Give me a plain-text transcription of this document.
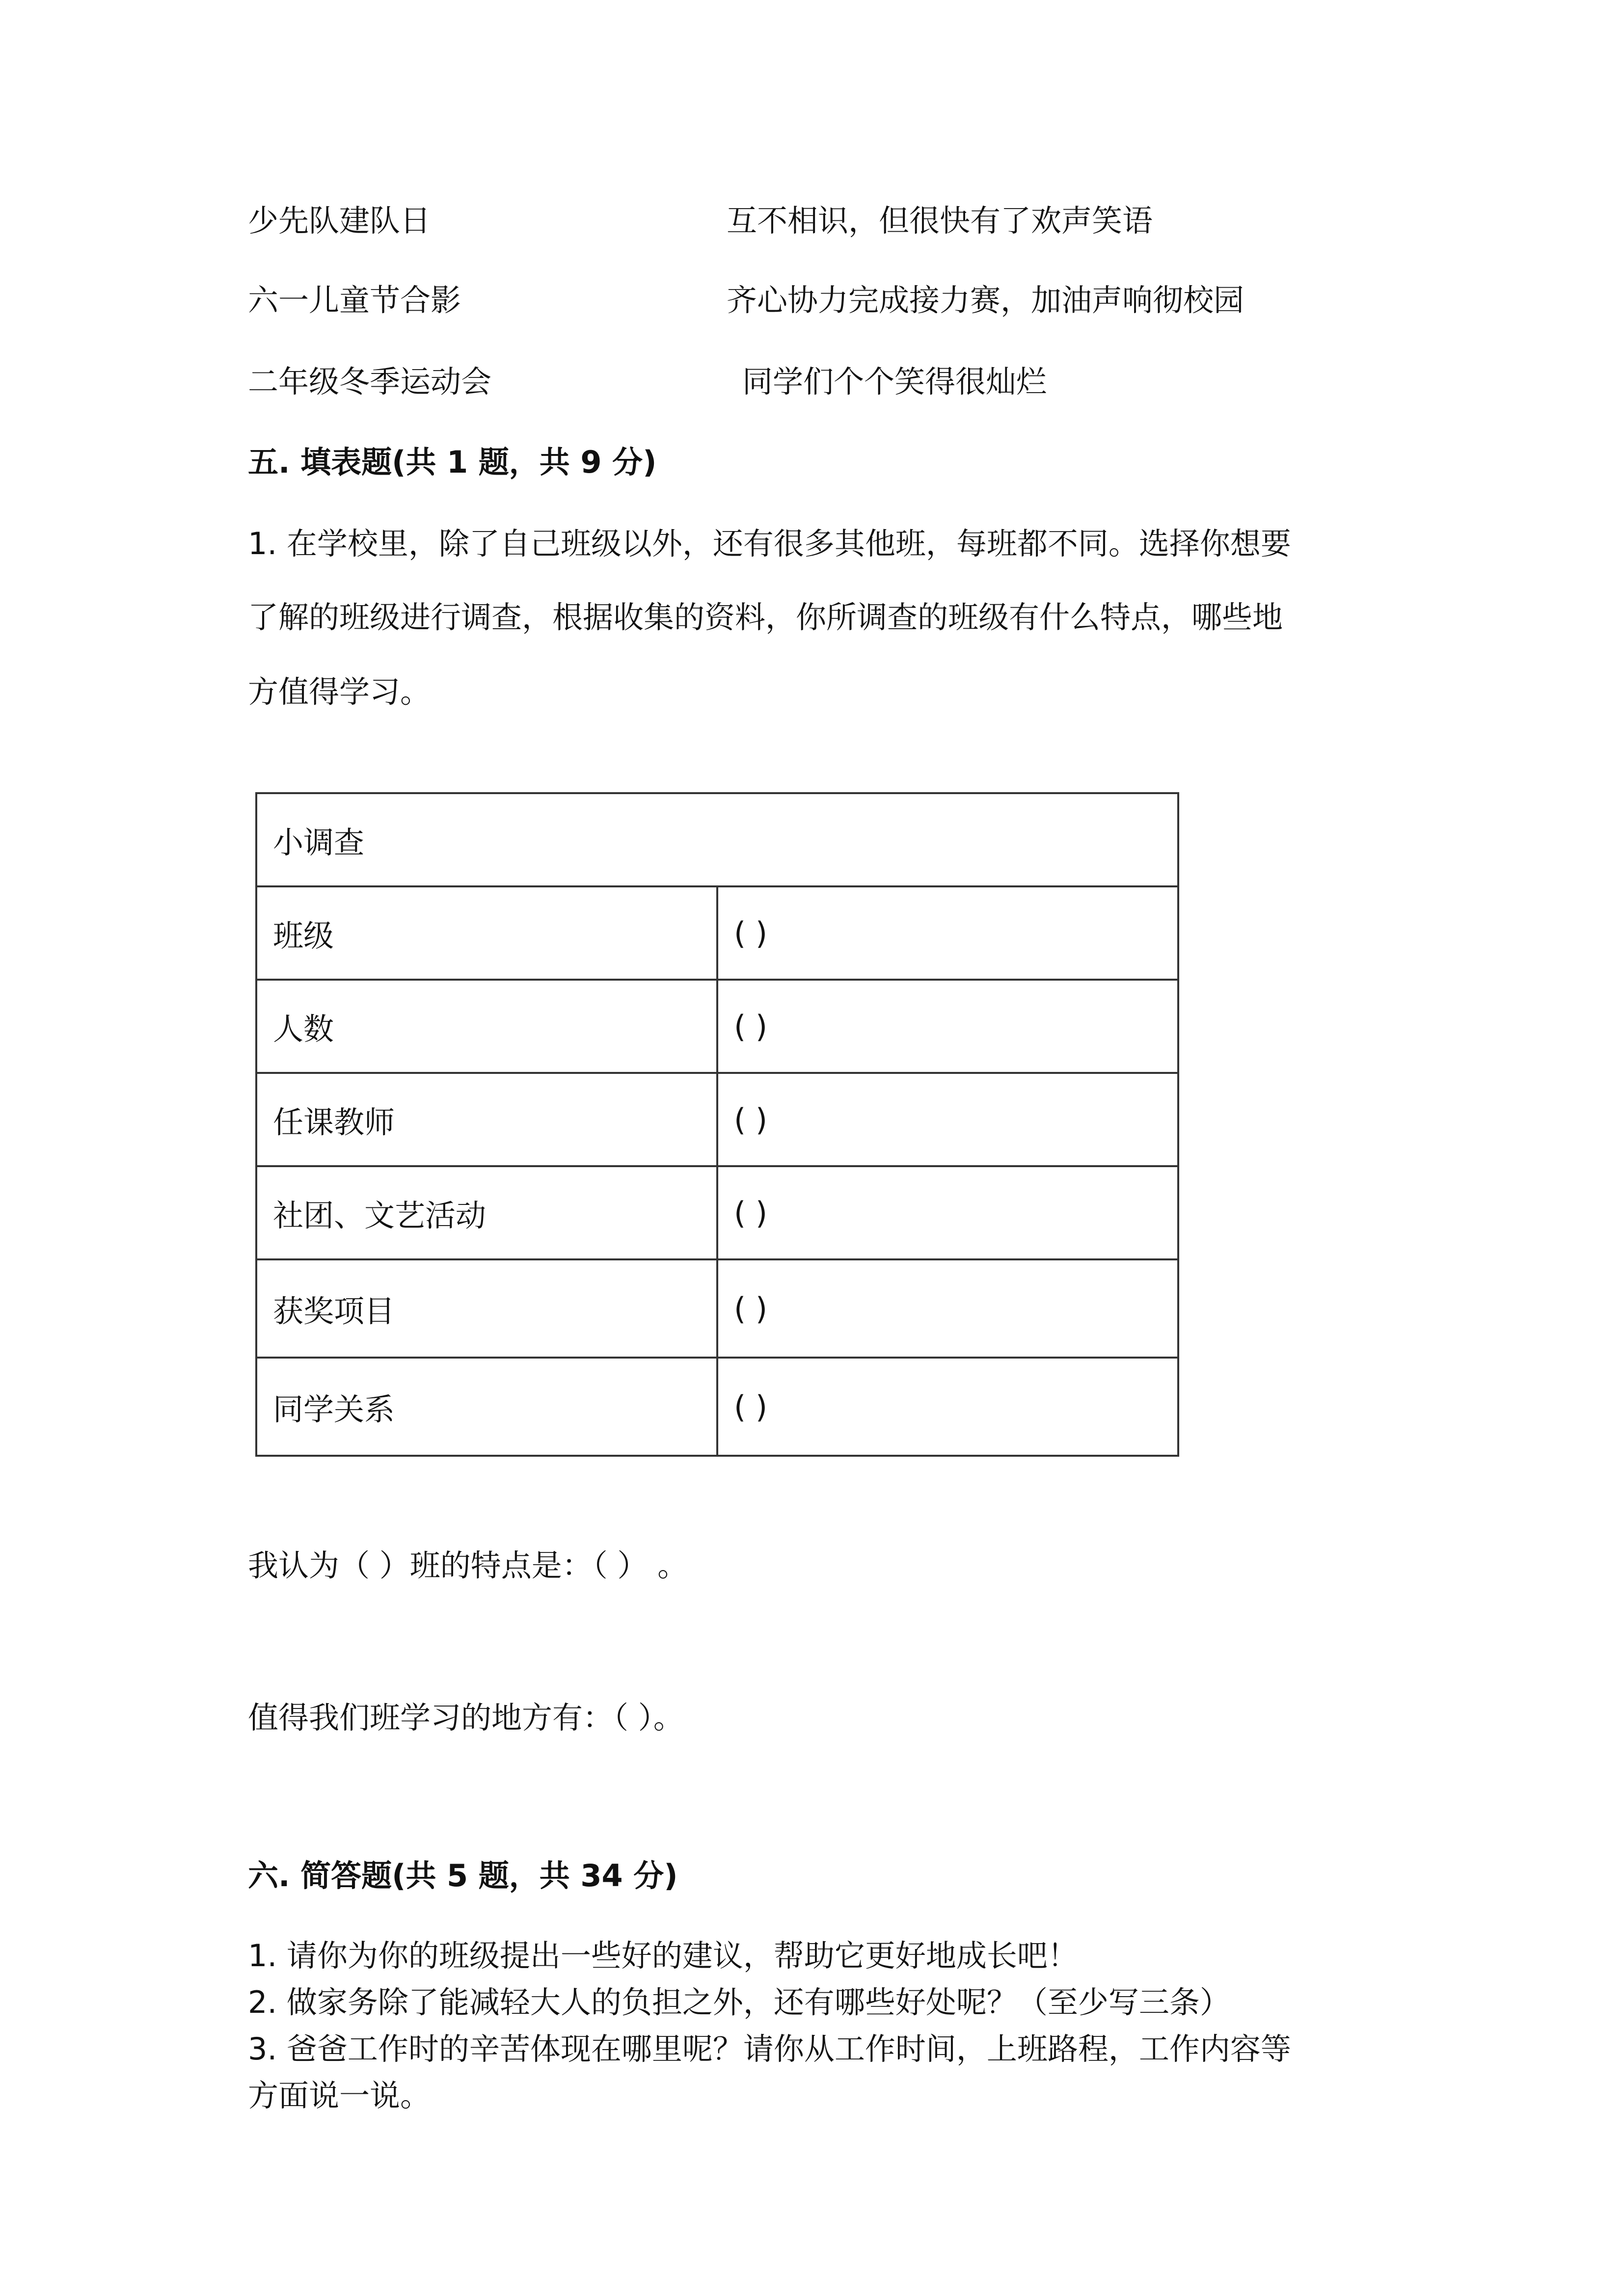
少先队建队日	互不相识，但很快有了欢声笑语
六一儿童节合影	齐心协力完成接力赛，加油声响彻校园
二年级冬季运动会	同学们个个笑得很灿烂
五. 填表题(共 1 题，共 9 分)
1. 在学校里，除了自己班级以外，还有很多其他班，每班都不同。选择你想要
了解的班级进行调查，根据收集的资料，你所调查的班级有什么特点，哪些地
方值得学习。
小调查	
班级	( )
人数	( )
任课教师	( )
社团、文艺活动	( )
获奖项目	( )
同学关系	( )
我认为（ ）班的特点是：（ ） 。
值得我们班学习的地方有：（ ）。
六. 简答题(共 5 题，共 34 分)
1. 请你为你的班级提出一些好的建议，帮助它更好地成长吧！
2. 做家务除了能减轻大人的负担之外，还有哪些好处呢？（至少写三条）
3. 爸爸工作时的辛苦体现在哪里呢？请你从工作时间，上班路程，工作内容等
方面说一说。
